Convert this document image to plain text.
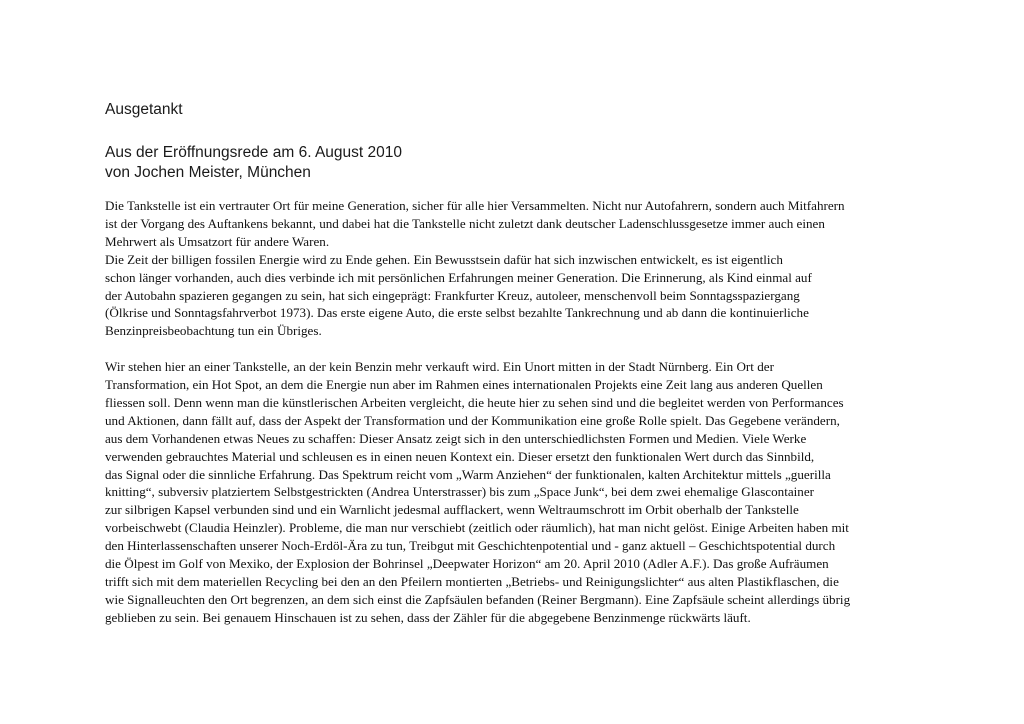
Ausgetankt
Aus der Eröffnungsrede am 6. August 2010
von Jochen Meister, München
Die Tankstelle ist ein vertrauter Ort für meine Generation, sicher für alle hier Versammelten. Nicht nur Autofahrern, sondern auch Mitfahrern
ist der Vorgang des Auftankens bekannt, und dabei hat die Tankstelle nicht zuletzt dank deutscher Ladenschlussgesetze immer auch einen
Mehrwert als Umsatzort für andere Waren.
Die Zeit der billigen fossilen Energie wird zu Ende gehen. Ein Bewusstsein dafür hat sich inzwischen entwickelt, es ist eigentlich
schon länger vorhanden, auch dies verbinde ich mit persönlichen Erfahrungen meiner Generation. Die Erinnerung, als Kind einmal auf
der Autobahn spazieren gegangen zu sein, hat sich eingeprägt: Frankfurter Kreuz, autoleer, menschenvoll beim Sonntagsspaziergang
(Ölkrise und Sonntagsfahrverbot 1973). Das erste eigene Auto, die erste selbst bezahlte Tankrechnung und ab dann die kontinuierliche
Benzinpreisbeobachtung tun ein Übriges.
Wir stehen hier an einer Tankstelle, an der kein Benzin mehr verkauft wird. Ein Unort mitten in der Stadt Nürnberg. Ein Ort der
Transformation, ein Hot Spot, an dem die Energie nun aber im Rahmen eines internationalen Projekts eine Zeit lang aus anderen Quellen
fliessen soll. Denn wenn man die künstlerischen Arbeiten vergleicht, die heute hier zu sehen sind und die begleitet werden von Performances
und Aktionen, dann fällt auf, dass der Aspekt der Transformation und der Kommunikation eine große Rolle spielt. Das Gegebene verändern,
aus dem Vorhandenen etwas Neues zu schaffen: Dieser Ansatz zeigt sich in den unterschiedlichsten Formen und Medien. Viele Werke
verwenden gebrauchtes Material und schleusen es in einen neuen Kontext ein. Dieser ersetzt den funktionalen Wert durch das Sinnbild,
das Signal oder die sinnliche Erfahrung. Das Spektrum reicht vom „Warm Anziehen“ der funktionalen, kalten Architektur mittels „guerilla
knitting“, subversiv platziertem Selbstgestrickten (Andrea Unterstrasser) bis zum „Space Junk“, bei dem zwei ehemalige Glascontainer
zur silbrigen Kapsel verbunden sind und ein Warnlicht jedesmal aufflackert, wenn Weltraumschrott im Orbit oberhalb der Tankstelle
vorbeischwebt (Claudia Heinzler). Probleme, die man nur verschiebt (zeitlich oder räumlich), hat man nicht gelöst. Einige Arbeiten haben mit
den Hinterlassenschaften unserer Noch-Erdöl-Ära zu tun, Treibgut mit Geschichtenpotential und - ganz aktuell – Geschichtspotential durch
die Ölpest im Golf von Mexiko, der Explosion der Bohrinsel „Deepwater Horizon“ am 20. April 2010 (Adler A.F.). Das große Aufräumen
trifft sich mit dem materiellen Recycling bei den an den Pfeilern montierten „Betriebs- und Reinigungslichter“ aus alten Plastikflaschen, die
wie Signalleuchten den Ort begrenzen, an dem sich einst die Zapfsäulen befanden (Reiner Bergmann). Eine Zapfsäule scheint allerdings übrig
geblieben zu sein. Bei genauem Hinschauen ist zu sehen, dass der Zähler für die abgegebene Benzinmenge rückwärts läuft.
